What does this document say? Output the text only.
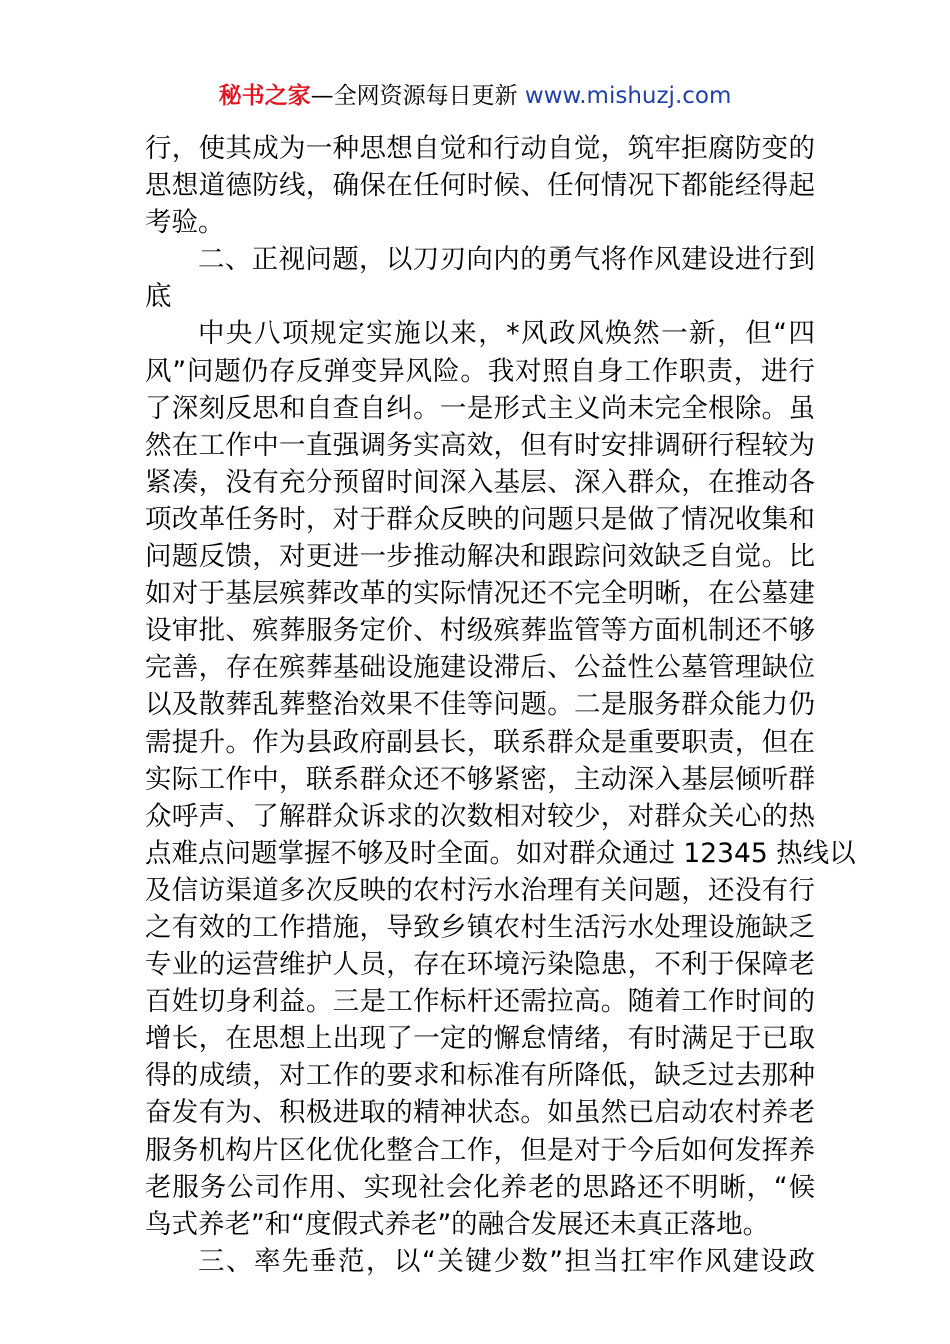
秘书之家—全网资源每日更新 www.mishuzj.com
行，使其成为一种思想自觉和行动自觉，筑牢拒腐防变的
思想道德防线，确保在任何时候、任何情况下都能经得起
考验。
二、正视问题，以刀刃向内的勇气将作风建设进行到
底
中央八项规定实施以来，*风政风焕然一新，但“四
风”问题仍存反弹变异风险。我对照自身工作职责，进行
了深刻反思和自查自纠。一是形式主义尚未完全根除。虽
然在工作中一直强调务实高效，但有时安排调研行程较为
紧凑，没有充分预留时间深入基层、深入群众，在推动各
项改革任务时，对于群众反映的问题只是做了情况收集和
问题反馈，对更进一步推动解决和跟踪问效缺乏自觉。比
如对于基层殡葬改革的实际情况还不完全明晰，在公墓建
设审批、殡葬服务定价、村级殡葬监管等方面机制还不够
完善，存在殡葬基础设施建设滞后、公益性公墓管理缺位
以及散葬乱葬整治效果不佳等问题。二是服务群众能力仍
需提升。作为县政府副县长，联系群众是重要职责，但在
实际工作中，联系群众还不够紧密，主动深入基层倾听群
众呼声、了解群众诉求的次数相对较少，对群众关心的热
点难点问题掌握不够及时全面。如对群众通过 12345 热线以
及信访渠道多次反映的农村污水治理有关问题，还没有行
之有效的工作措施，导致乡镇农村生活污水处理设施缺乏
专业的运营维护人员，存在环境污染隐患，不利于保障老
百姓切身利益。三是工作标杆还需拉高。随着工作时间的
增长，在思想上出现了一定的懈怠情绪，有时满足于已取
得的成绩，对工作的要求和标准有所降低，缺乏过去那种
奋发有为、积极进取的精神状态。如虽然已启动农村养老
服务机构片区化优化整合工作，但是对于今后如何发挥养
老服务公司作用、实现社会化养老的思路还不明晰，“候
鸟式养老”和“度假式养老”的融合发展还未真正落地。
三、率先垂范，以“关键少数”担当扛牢作风建设政
